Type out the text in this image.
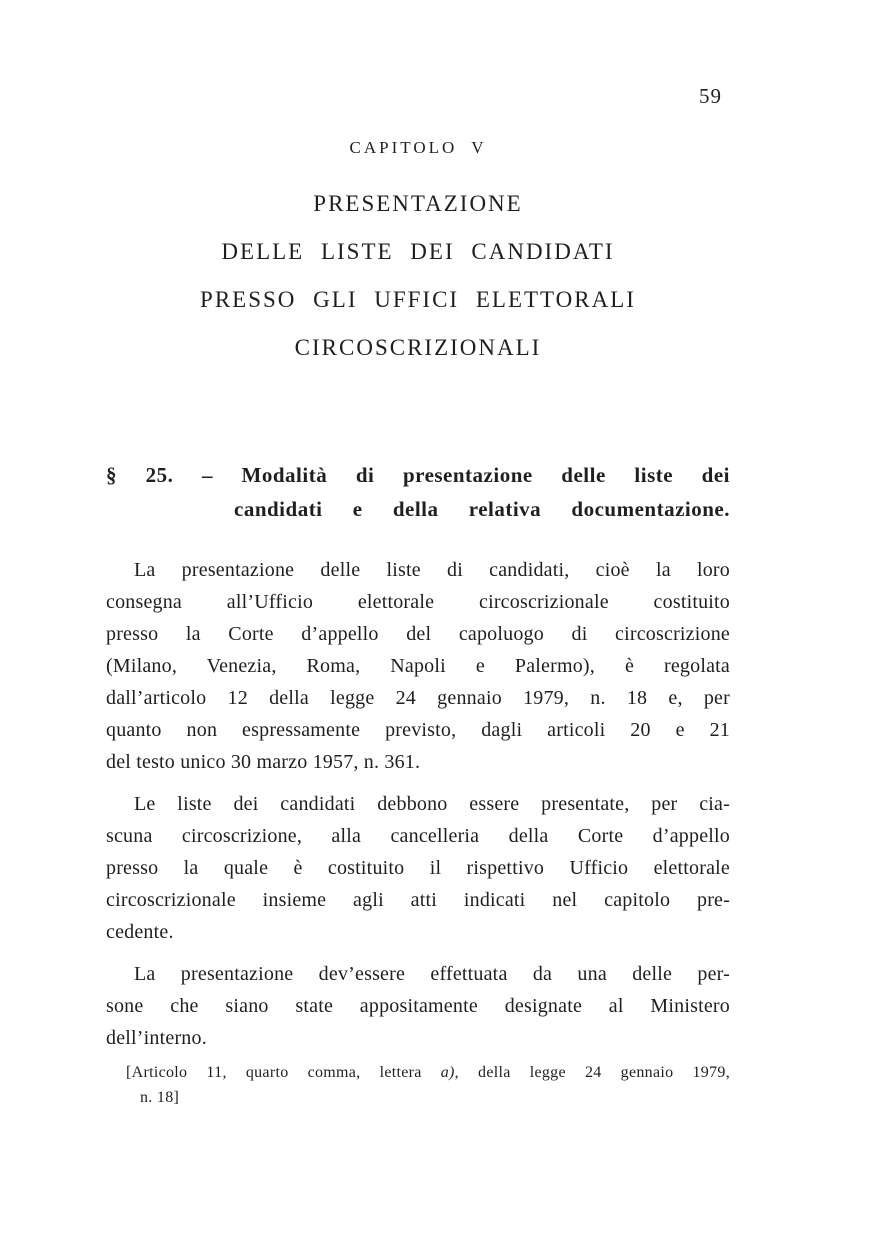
59
CAPITOLO V
PRESENTAZIONE
DELLE LISTE DEI CANDIDATI
PRESSO GLI UFFICI ELETTORALI
CIRCOSCRIZIONALI
§ 25. – Modalità di presentazione delle liste dei
candidati e della relativa documentazione.
La presentazione delle liste di candidati, cioè la loro
consegna all’Ufficio elettorale circoscrizionale costituito
presso la Corte d’appello del capoluogo di circoscrizione
(Milano, Venezia, Roma, Napoli e Palermo), è regolata
dall’articolo 12 della legge 24 gennaio 1979, n. 18 e, per
quanto non espressamente previsto, dagli articoli 20 e 21
del testo unico 30 marzo 1957, n. 361.
Le liste dei candidati debbono essere presentate, per cia-
scuna circoscrizione, alla cancelleria della Corte d’appello
presso la quale è costituito il rispettivo Ufficio elettorale
circoscrizionale insieme agli atti indicati nel capitolo pre-
cedente.
La presentazione dev’essere effettuata da una delle per-
sone che siano state appositamente designate al Ministero
dell’interno.
[Articolo 11, quarto comma, lettera a), della legge 24 gennaio 1979,
n. 18]
